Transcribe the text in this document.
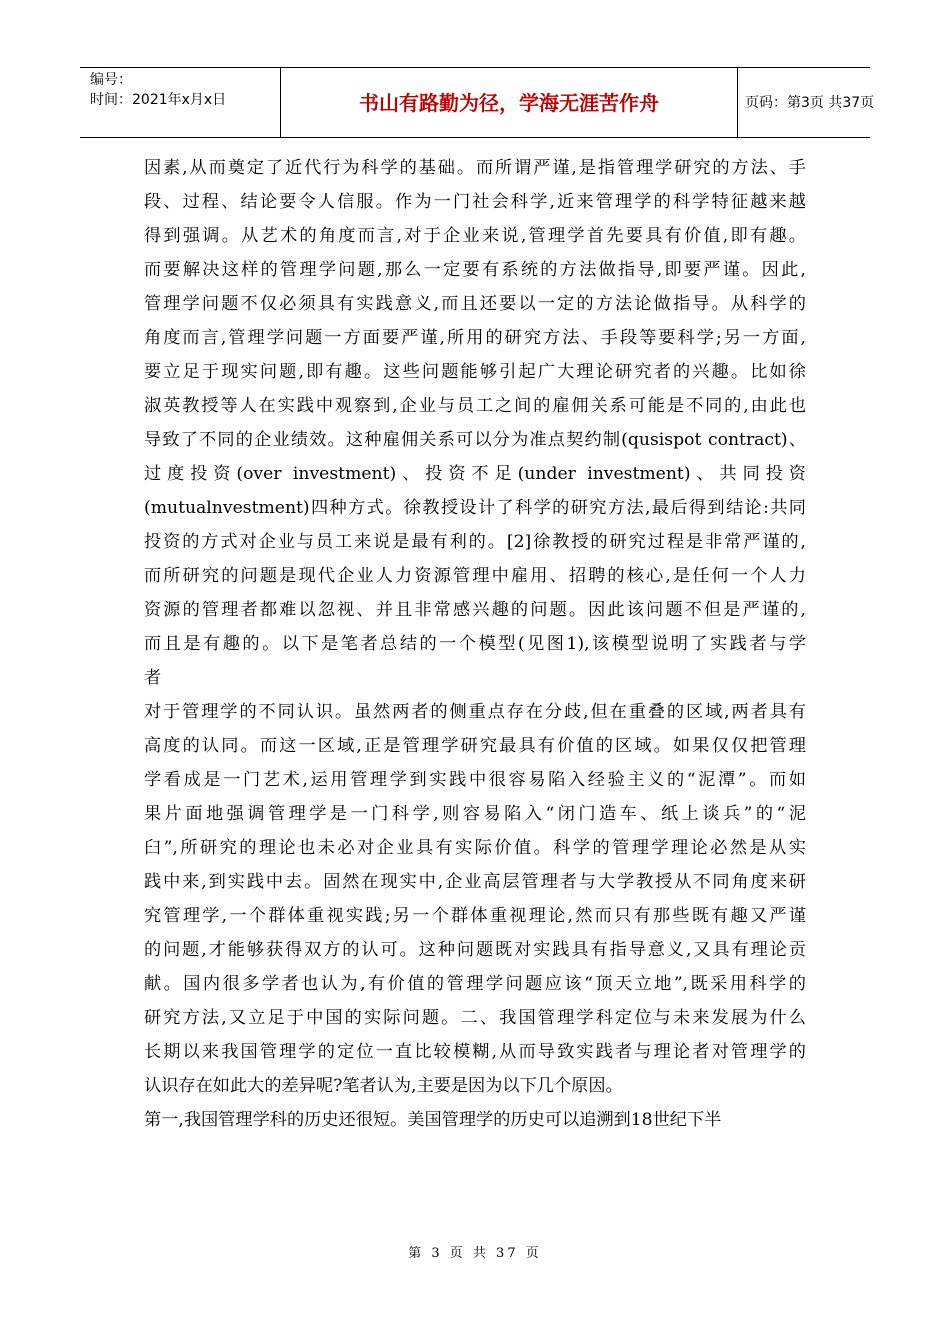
编号：
时间：2021年x月x日	书山有路勤为径，学海无涯苦作舟	页码：第3页 共37页
因素,从而奠定了近代行为科学的基础。而所谓严谨,是指管理学研究的方法、手
段、过程、结论要令人信服。作为一门社会科学,近来管理学的科学特征越来越
得到强调。从艺术的角度而言,对于企业来说,管理学首先要具有价值,即有趣。
而要解决这样的管理学问题,那么一定要有系统的方法做指导,即要严谨。因此,
管理学问题不仅必须具有实践意义,而且还要以一定的方法论做指导。从科学的
角度而言,管理学问题一方面要严谨,所用的研究方法、手段等要科学;另一方面,
要立足于现实问题,即有趣。这些问题能够引起广大理论研究者的兴趣。比如徐
淑英教授等人在实践中观察到,企业与员工之间的雇佣关系可能是不同的,由此也
导致了不同的企业绩效。这种雇佣关系可以分为准点契约制(qusispot contract)、
过度投资(over investment)、投资不足(under investment)、共同投资
(mutualnvestment)四种方式。徐教授设计了科学的研究方法,最后得到结论:共同
投资的方式对企业与员工来说是最有利的。[2]徐教授的研究过程是非常严谨的,
而所研究的问题是现代企业人力资源管理中雇用、招聘的核心,是任何一个人力
资源的管理者都难以忽视、并且非常感兴趣的问题。因此该问题不但是严谨的,
而且是有趣的。以下是笔者总结的一个模型(见图1),该模型说明了实践者与学
者
对于管理学的不同认识。虽然两者的侧重点存在分歧,但在重叠的区域,两者具有
高度的认同。而这一区域,正是管理学研究最具有价值的区域。如果仅仅把管理
学看成是一门艺术,运用管理学到实践中很容易陷入经验主义的“泥潭”。而如
果片面地强调管理学是一门科学,则容易陷入“闭门造车、纸上谈兵”的“泥
臼”,所研究的理论也未必对企业具有实际价值。科学的管理学理论必然是从实
践中来,到实践中去。固然在现实中,企业高层管理者与大学教授从不同角度来研
究管理学,一个群体重视实践;另一个群体重视理论,然而只有那些既有趣又严谨
的问题,才能够获得双方的认可。这种问题既对实践具有指导意义,又具有理论贡
献。国内很多学者也认为,有价值的管理学问题应该“顶天立地”,既采用科学的
研究方法,又立足于中国的实际问题。二、我国管理学科定位与未来发展为什么
长期以来我国管理学的定位一直比较模糊,从而导致实践者与理论者对管理学的
认识存在如此大的差异呢?笔者认为,主要是因为以下几个原因。
第一,我国管理学科的历史还很短。美国管理学的历史可以追溯到18世纪下半
第 3 页 共 37 页
